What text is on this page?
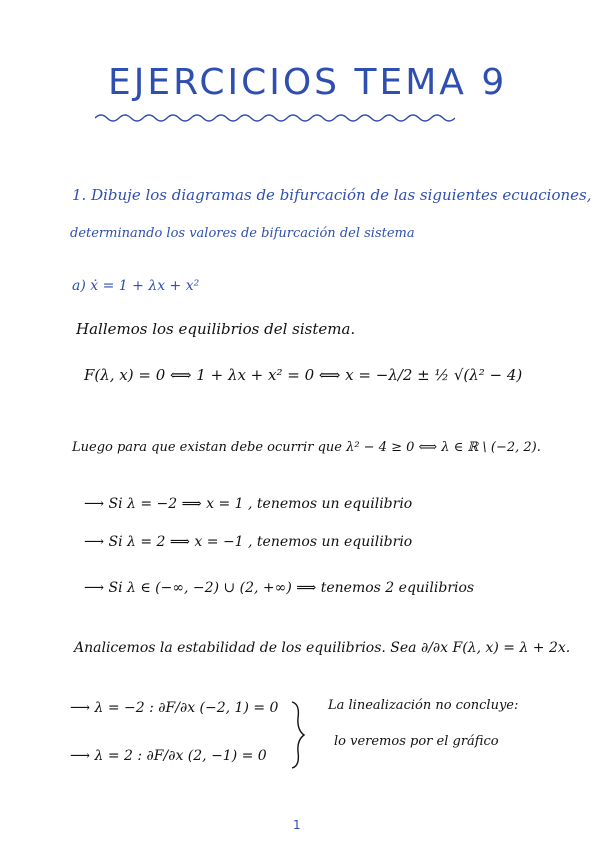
EJERCICIOS TEMA 9
1. Dibuje los diagramas de bifurcación de las siguientes ecuaciones,
determinando los valores de bifurcación del sistema
a) ẋ = 1 + λx + x²
Hallemos los equilibrios del sistema.
F(λ, x) = 0 ⟺ 1 + λx + x² = 0 ⟺ x = −λ/2 ± ½ √(λ² − 4)
Luego para que existan debe ocurrir que λ² − 4 ≥ 0 ⟺ λ ∈ ℝ \ (−2, 2).
⟶ Si λ = −2 ⟹ x = 1 , tenemos un equilibrio
⟶ Si λ = 2 ⟹ x = −1 , tenemos un equilibrio
⟶ Si λ ∈ (−∞, −2) ∪ (2, +∞) ⟹ tenemos 2 equilibrios
Analicemos la estabilidad de los equilibrios. Sea ∂/∂x F(λ, x) = λ + 2x.
⟶ λ = −2 : ∂F/∂x (−2, 1) = 0
⟶ λ = 2 : ∂F/∂x (2, −1) = 0
La linealización no concluye:
lo veremos por el gráfico
1
